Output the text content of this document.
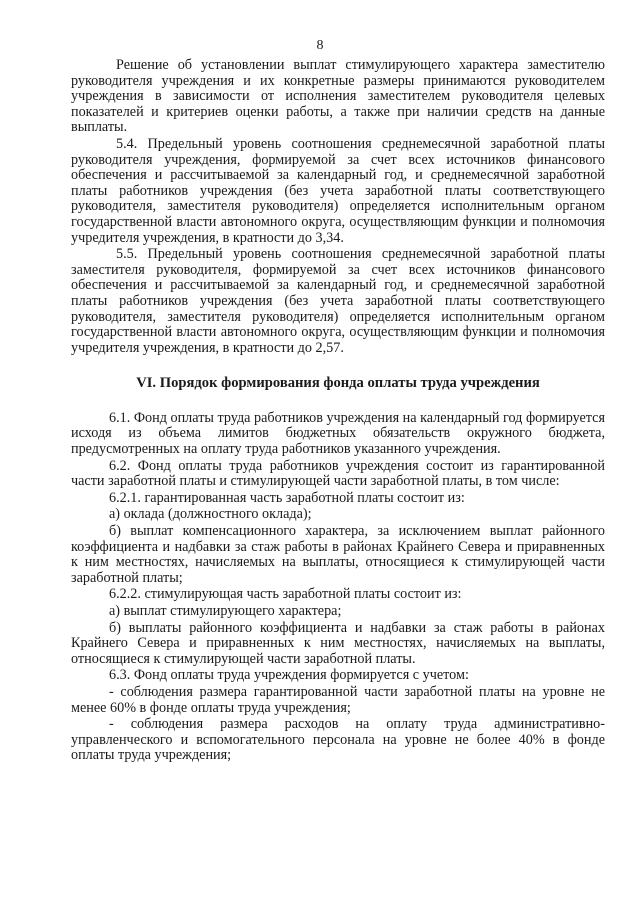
8

Решение об установлении выплат стимулирующего характера заместителю руководителя учреждения и их конкретные размеры принимаются руководителем учреждения в зависимости от исполнения заместителем руководителя целевых показателей и критериев оценки работы, а также при наличии средств на данные выплаты.

5.4. Предельный уровень соотношения среднемесячной заработной платы руководителя учреждения, формируемой за счет всех источников финансового обеспечения и рассчитываемой за календарный год, и среднемесячной заработной платы работников учреждения (без учета заработной платы соответствующего руководителя, заместителя руководителя) определяется исполнительным органом государственной власти автономного округа, осуществляющим функции и полномочия учредителя учреждения, в кратности до 3,34.

5.5. Предельный уровень соотношения среднемесячной заработной платы заместителя руководителя, формируемой за счет всех источников финансового обеспечения и рассчитываемой за календарный год, и среднемесячной заработной платы работников учреждения (без учета заработной платы соответствующего руководителя, заместителя руководителя) определяется исполнительным органом государственной власти автономного округа, осуществляющим функции и полномочия учредителя учреждения, в кратности до 2,57.

VI. Порядок формирования фонда оплаты труда учреждения

6.1. Фонд оплаты труда работников учреждения на календарный год формируется исходя из объема лимитов бюджетных обязательств окружного бюджета, предусмотренных на оплату труда работников указанного учреждения.

6.2. Фонд оплаты труда работников учреждения состоит из гарантированной части заработной платы и стимулирующей части заработной платы, в том числе:

6.2.1. гарантированная часть заработной платы состоит из:

а) оклада (должностного оклада);

б) выплат компенсационного характера, за исключением выплат районного коэффициента и надбавки за стаж работы в районах Крайнего Севера и приравненных к ним местностях, начисляемых на выплаты, относящиеся к стимулирующей части заработной платы;

6.2.2. стимулирующая часть заработной платы состоит из:

а) выплат стимулирующего характера;

б) выплаты районного коэффициента и надбавки за стаж работы в районах Крайнего Севера и приравненных к ним местностях, начисляемых на выплаты, относящиеся к стимулирующей части заработной платы.

6.3. Фонд оплаты труда учреждения формируется с учетом:

- соблюдения размера гарантированной части заработной платы на уровне не менее 60% в фонде оплаты труда учреждения;

- соблюдения размера расходов на оплату труда административно-управленческого и вспомогательного персонала на уровне не более 40% в фонде оплаты труда учреждения;
